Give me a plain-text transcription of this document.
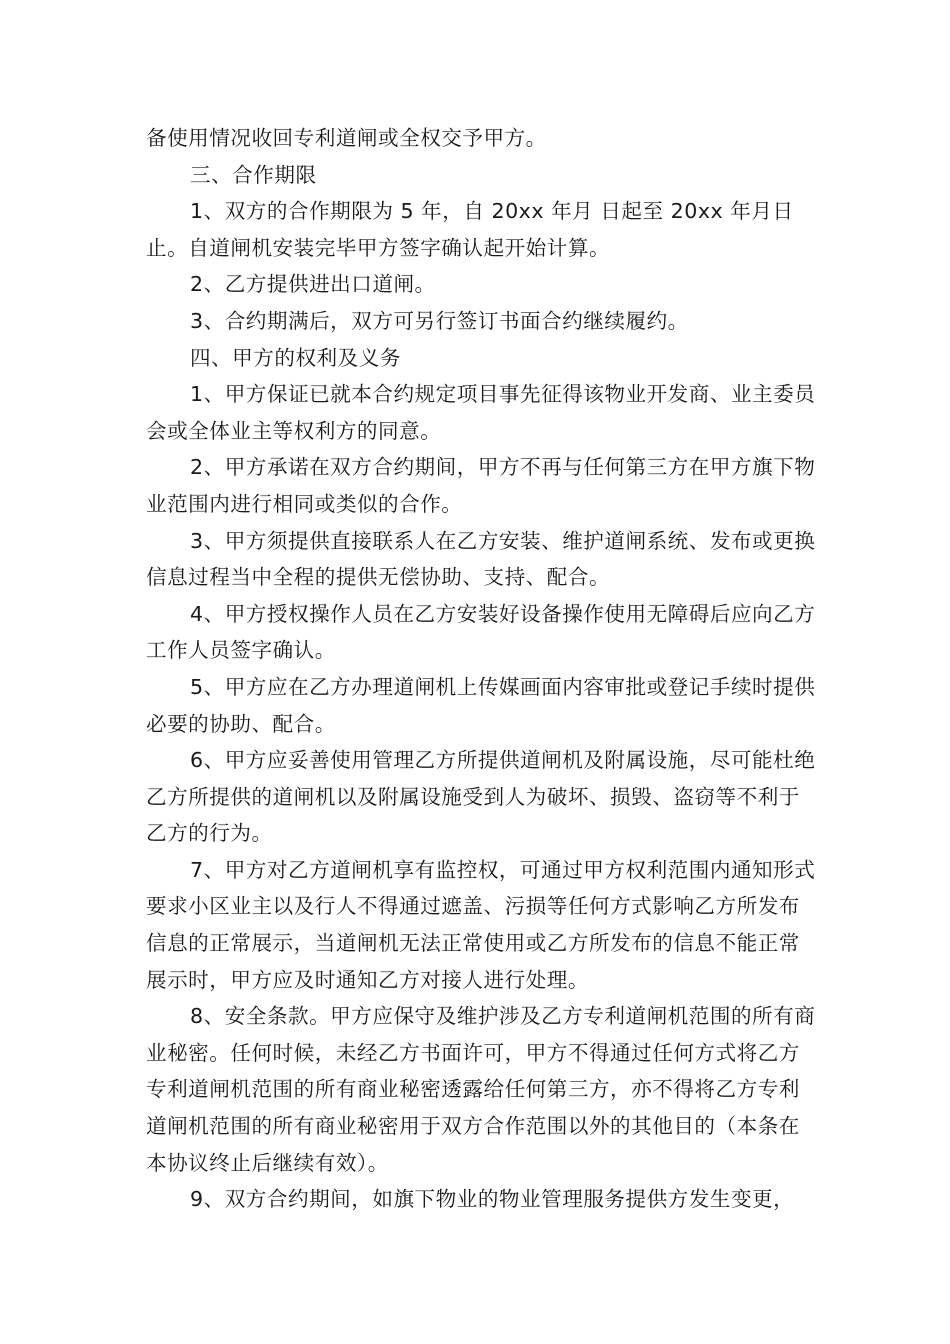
备使用情况收回专利道闸或全权交予甲方。

三、合作期限

1、双方的合作期限为 5 年，自 20xx 年月 日起至 20xx 年月日止。自道闸机安装完毕甲方签字确认起开始计算。

2、乙方提供进出口道闸。

3、合约期满后，双方可另行签订书面合约继续履约。

四、甲方的权利及义务

1、甲方保证已就本合约规定项目事先征得该物业开发商、业主委员会或全体业主等权利方的同意。

2、甲方承诺在双方合约期间，甲方不再与任何第三方在甲方旗下物业范围内进行相同或类似的合作。

3、甲方须提供直接联系人在乙方安装、维护道闸系统、发布或更换信息过程当中全程的提供无偿协助、支持、配合。

4、甲方授权操作人员在乙方安装好设备操作使用无障碍后应向乙方工作人员签字确认。

5、甲方应在乙方办理道闸机上传媒画面内容审批或登记手续时提供必要的协助、配合。

6、甲方应妥善使用管理乙方所提供道闸机及附属设施，尽可能杜绝乙方所提供的道闸机以及附属设施受到人为破坏、损毁、盗窃等不利于乙方的行为。

7、甲方对乙方道闸机享有监控权，可通过甲方权利范围内通知形式要求小区业主以及行人不得通过遮盖、污损等任何方式影响乙方所发布信息的正常展示，当道闸机无法正常使用或乙方所发布的信息不能正常展示时，甲方应及时通知乙方对接人进行处理。

8、安全条款。甲方应保守及维护涉及乙方专利道闸机范围的所有商业秘密。任何时候，未经乙方书面许可，甲方不得通过任何方式将乙方专利道闸机范围的所有商业秘密透露给任何第三方，亦不得将乙方专利道闸机范围的所有商业秘密用于双方合作范围以外的其他目的（本条在本协议终止后继续有效）。

9、双方合约期间，如旗下物业的物业管理服务提供方发生变更，
